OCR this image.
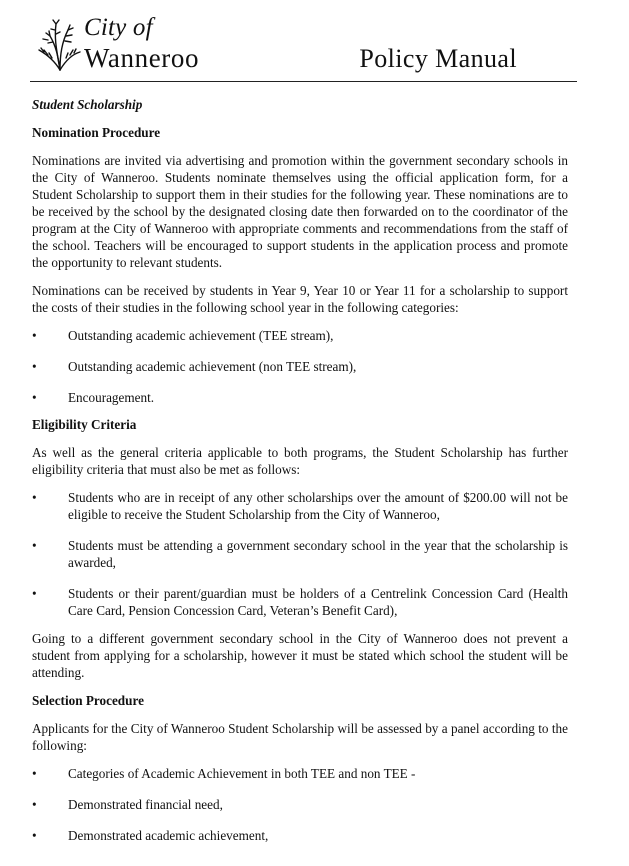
City of
Wanneroo	Policy Manual
Student Scholarship
Nomination Procedure

Nominations are invited via advertising and promotion within the government secondary schools in the City of Wanneroo. Students nominate themselves using the official application form, for a Student Scholarship to support them in their studies for the following year. These nominations are to be received by the school by the designated closing date then forwarded on to the coordinator of the program at the City of Wanneroo with appropriate comments and recommendations from the staff of the school. Teachers will be encouraged to support students in the application process and promote the opportunity to relevant students.

Nominations can be received by students in Year 9, Year 10 or Year 11 for a scholarship to support the costs of their studies in the following school year in the following categories:

• Outstanding academic achievement (TEE stream),
• Outstanding academic achievement (non TEE stream),
• Encouragement.
Eligibility Criteria

As well as the general criteria applicable to both programs, the Student Scholarship has further eligibility criteria that must also be met as follows:

• Students who are in receipt of any other scholarships over the amount of $200.00 will not be eligible to receive the Student Scholarship from the City of Wanneroo,
• Students must be attending a government secondary school in the year that the scholarship is awarded,
• Students or their parent/guardian must be holders of a Centrelink Concession Card (Health Care Card, Pension Concession Card, Veteran’s Benefit Card),

Going to a different government secondary school in the City of Wanneroo does not prevent a student from applying for a scholarship, however it must be stated which school the student will be attending.

Selection Procedure

Applicants for the City of Wanneroo Student Scholarship will be assessed by a panel according to the following:

• Categories of Academic Achievement in both TEE and non TEE -
• Demonstrated financial need,
• Demonstrated academic achievement,
